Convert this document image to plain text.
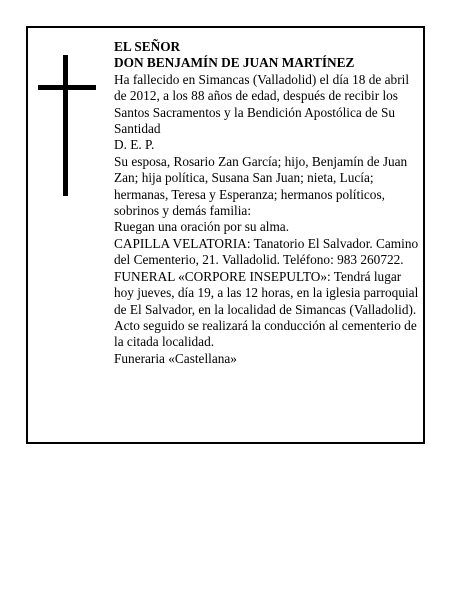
EL SEÑOR

DON BENJAMÍN DE JUAN MARTÍNEZ

Ha fallecido en Simancas (Valladolid) el día 18 de abril de 2012, a los 88 años de edad, después de recibir los Santos Sacramentos y la Bendición Apostólica de Su Santidad

D. E. P.

Su esposa, Rosario Zan García; hijo, Benjamín de Juan Zan; hija política, Susana San Juan; nieta, Lucía; hermanas, Teresa y Esperanza; hermanos políticos, sobrinos y demás familia:

Ruegan una oración por su alma.

CAPILLA VELATORIA: Tanatorio El Salvador. Camino del Cementerio, 21. Valladolid. Teléfono: 983 260722.

FUNERAL «CORPORE INSEPULTO»: Tendrá lugar hoy jueves, día 19, a las 12 horas, en la iglesia parroquial de El Salvador, en la localidad de Simancas (Valladolid). Acto seguido se realizará la conducción al cementerio de la citada localidad.

Funeraria «Castellana»
